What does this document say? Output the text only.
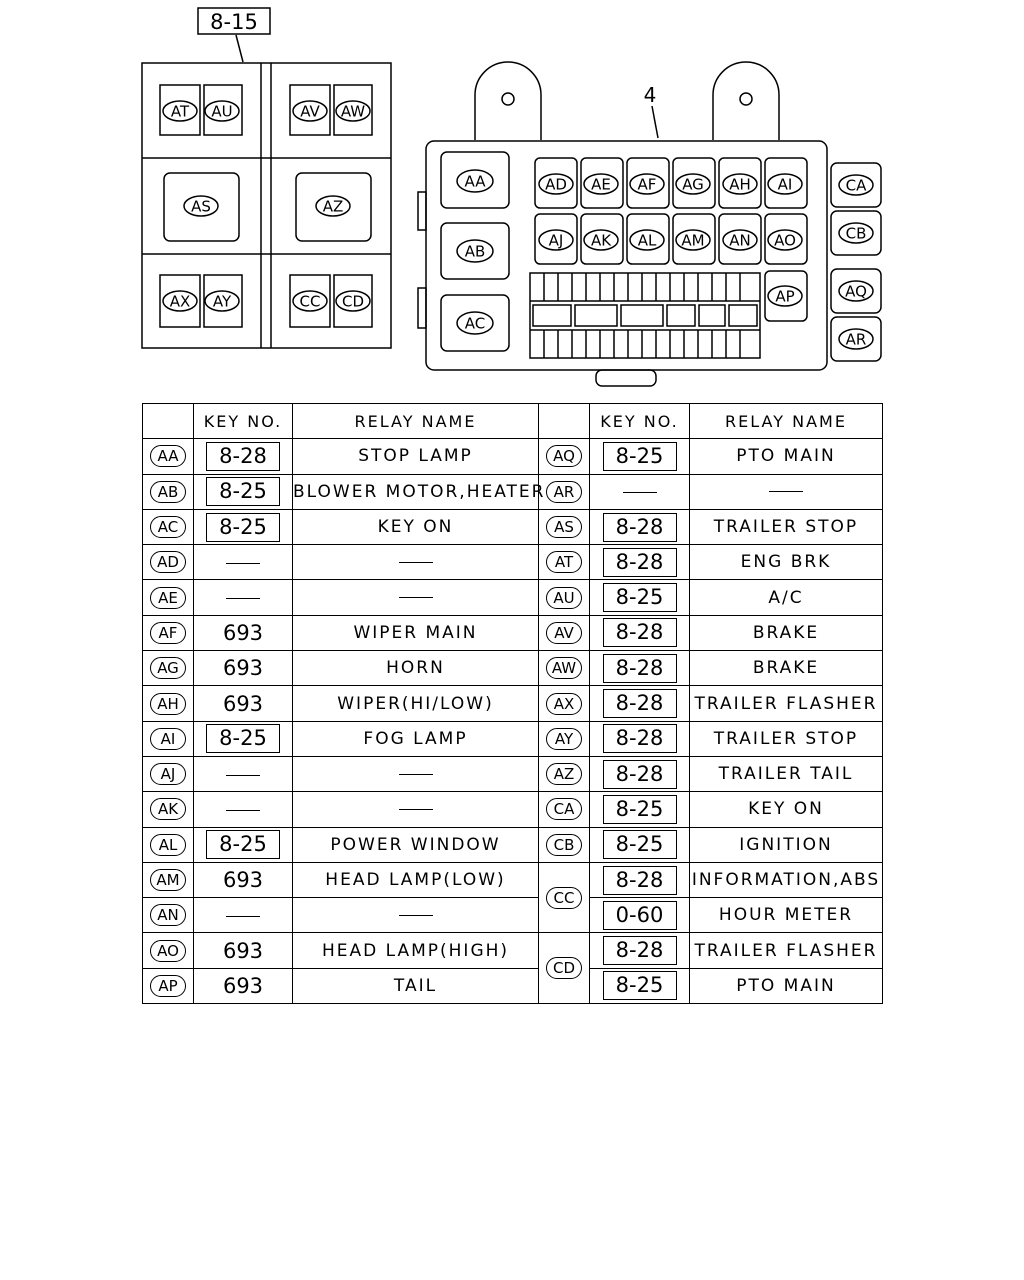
8-15
4
AT AU	AV AW
AS	AZ
AX AY	CC CD
AA
AB
AC
AD AE AF AG AH AI
AJ AK AL AM AN AO
AP
CA
CB
AQ
AR
	KEY NO.	RELAY NAME		KEY NO.	RELAY NAME
AA	8-28	STOP LAMP	AQ	8-25	PTO MAIN
AB	8-25	BLOWER MOTOR,HEATER	AR		
AC	8-25	KEY ON	AS	8-28	TRAILER STOP
AD			AT	8-28	ENG BRK
AE			AU	8-25	A/C
AF	693	WIPER MAIN	AV	8-28	BRAKE
AG	693	HORN	AW	8-28	BRAKE
AH	693	WIPER(HI/LOW)	AX	8-28	TRAILER FLASHER
AI	8-25	FOG LAMP	AY	8-28	TRAILER STOP
AJ			AZ	8-28	TRAILER TAIL
AK			CA	8-25	KEY ON
AL	8-25	POWER WINDOW	CB	8-25	IGNITION
AM	693	HEAD LAMP(LOW)	CC	8-28	INFORMATION,ABS
AN				0-60	HOUR METER
AO	693	HEAD LAMP(HIGH)	CD	8-28	TRAILER FLASHER
AP	693	TAIL		8-25	PTO MAIN
